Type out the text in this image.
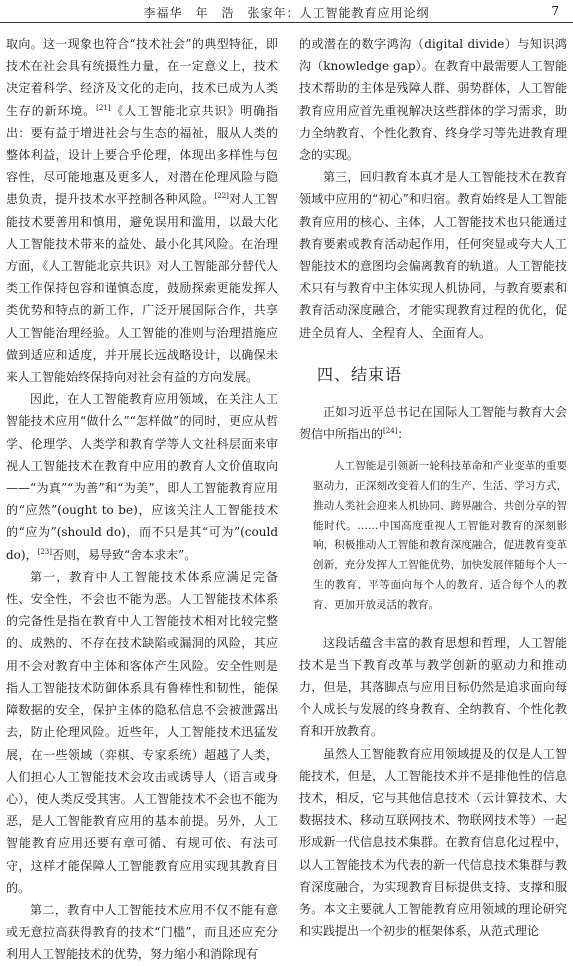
李福华　年　浩　张家年：人工智能教育应用论纲	7

取向。这一现象也符合“技术社会”的典型特征，即技术在社会具有统摄性力量，在一定意义上，技术决定着科学、经济及文化的走向，技术已成为人类生存的新环境。[21]《人工智能北京共识》明确指出：要有益于增进社会与生态的福祉，服从人类的整体利益，设计上要合乎伦理，体现出多样性与包容性，尽可能地惠及更多人，对潜在伦理风险与隐患负责，提升技术水平控制各种风险。[22]对人工智能技术要善用和慎用，避免误用和滥用，以最大化人工智能技术带来的益处、最小化其风险。在治理方面，《人工智能北京共识》对人工智能部分替代人类工作保持包容和谨慎态度，鼓励探索更能发挥人类优势和特点的新工作，广泛开展国际合作，共享人工智能治理经验。人工智能的准则与治理措施应做到适应和适度，并开展长远战略设计，以确保未来人工智能始终保持向对社会有益的方向发展。

因此，在人工智能教育应用领域，在关注人工智能技术应用“做什么”“怎样做”的同时，更应从哲学、伦理学、人类学和教育学等人文社科层面来审视人工智能技术在教育中应用的教育人文价值取向——“为真”“为善”和“为美”，即人工智能教育应用的“应然”(ought to be)，应该关注人工智能技术的“应为”(should do)，而不只是其“可为”(could do)，[23]否则，易导致“舍本求末”。

第一，教育中人工智能技术体系应满足完备性、安全性，不会也不能为恶。人工智能技术体系的完备性是指在教育中人工智能技术相对比较完整的、成熟的、不存在技术缺陷或漏洞的风险，其应用不会对教育中主体和客体产生风险。安全性则是指人工智能技术防御体系具有鲁棒性和韧性，能保障数据的安全，保护主体的隐私信息不会被泄露出去，防止伦理风险。近些年，人工智能技术迅猛发展，在一些领域（弈棋、专家系统）超越了人类，人们担心人工智能技术会攻击或诱导人（语言或身心），使人类反受其害。人工智能技术不会也不能为恶，是人工智能教育应用的基本前提。另外，人工智能教育应用还要有章可循、有规可依、有法可守，这样才能保障人工智能教育应用实现其教育目的。

第二，教育中人工智能技术应用不仅不能有意或无意拉高获得教育的技术“门槛”，而且还应充分利用人工智能技术的优势，努力缩小和消除现有

的或潜在的数字鸿沟（digital divide）与知识鸿沟（knowledge gap）。在教育中最需要人工智能技术帮助的主体是残障人群、弱势群体，人工智能教育应用应首先重视解决这些群体的学习需求，助力全纳教育、个性化教育、终身学习等先进教育理念的实现。

第三，回归教育本真才是人工智能技术在教育领域中应用的“初心”和归宿。教育始终是人工智能教育应用的核心、主体，人工智能技术也只能通过教育要素或教育活动起作用，任何突显或夸大人工智能技术的意图均会偏离教育的轨道。人工智能技术只有与教育中主体实现人机协同，与教育要素和教育活动深度融合，才能实现教育过程的优化，促进全员育人、全程育人、全面育人。

四、结束语

正如习近平总书记在国际人工智能与教育大会贺信中所指出的[24]：

人工智能是引领新一轮科技革命和产业变革的重要驱动力，正深刻改变着人们的生产、生活、学习方式，推动人类社会迎来人机协同、跨界融合、共创分享的智能时代。……中国高度重视人工智能对教育的深刻影响，积极推动人工智能和教育深度融合，促进教育变革创新，充分发挥人工智能优势，加快发展伴随每个人一生的教育、平等面向每个人的教育、适合每个人的教育、更加开放灵活的教育。

这段话蕴含丰富的教育思想和哲理，人工智能技术是当下教育改革与教学创新的驱动力和推动力，但是，其落脚点与应用目标仍然是追求面向每个人成长与发展的终身教育、全纳教育、个性化教育和开放教育。

虽然人工智能教育应用领域提及的仅是人工智能技术，但是，人工智能技术并不是排他性的信息技术，相反，它与其他信息技术（云计算技术、大数据技术、移动互联网技术、物联网技术等）一起形成新一代信息技术集群。在教育信息化过程中，以人工智能技术为代表的新一代信息技术集群与教育深度融合，为实现教育目标提供支持、支撑和服务。本文主要就人工智能教育应用领域的理论研究和实践提出一个初步的框架体系，从范式理论
